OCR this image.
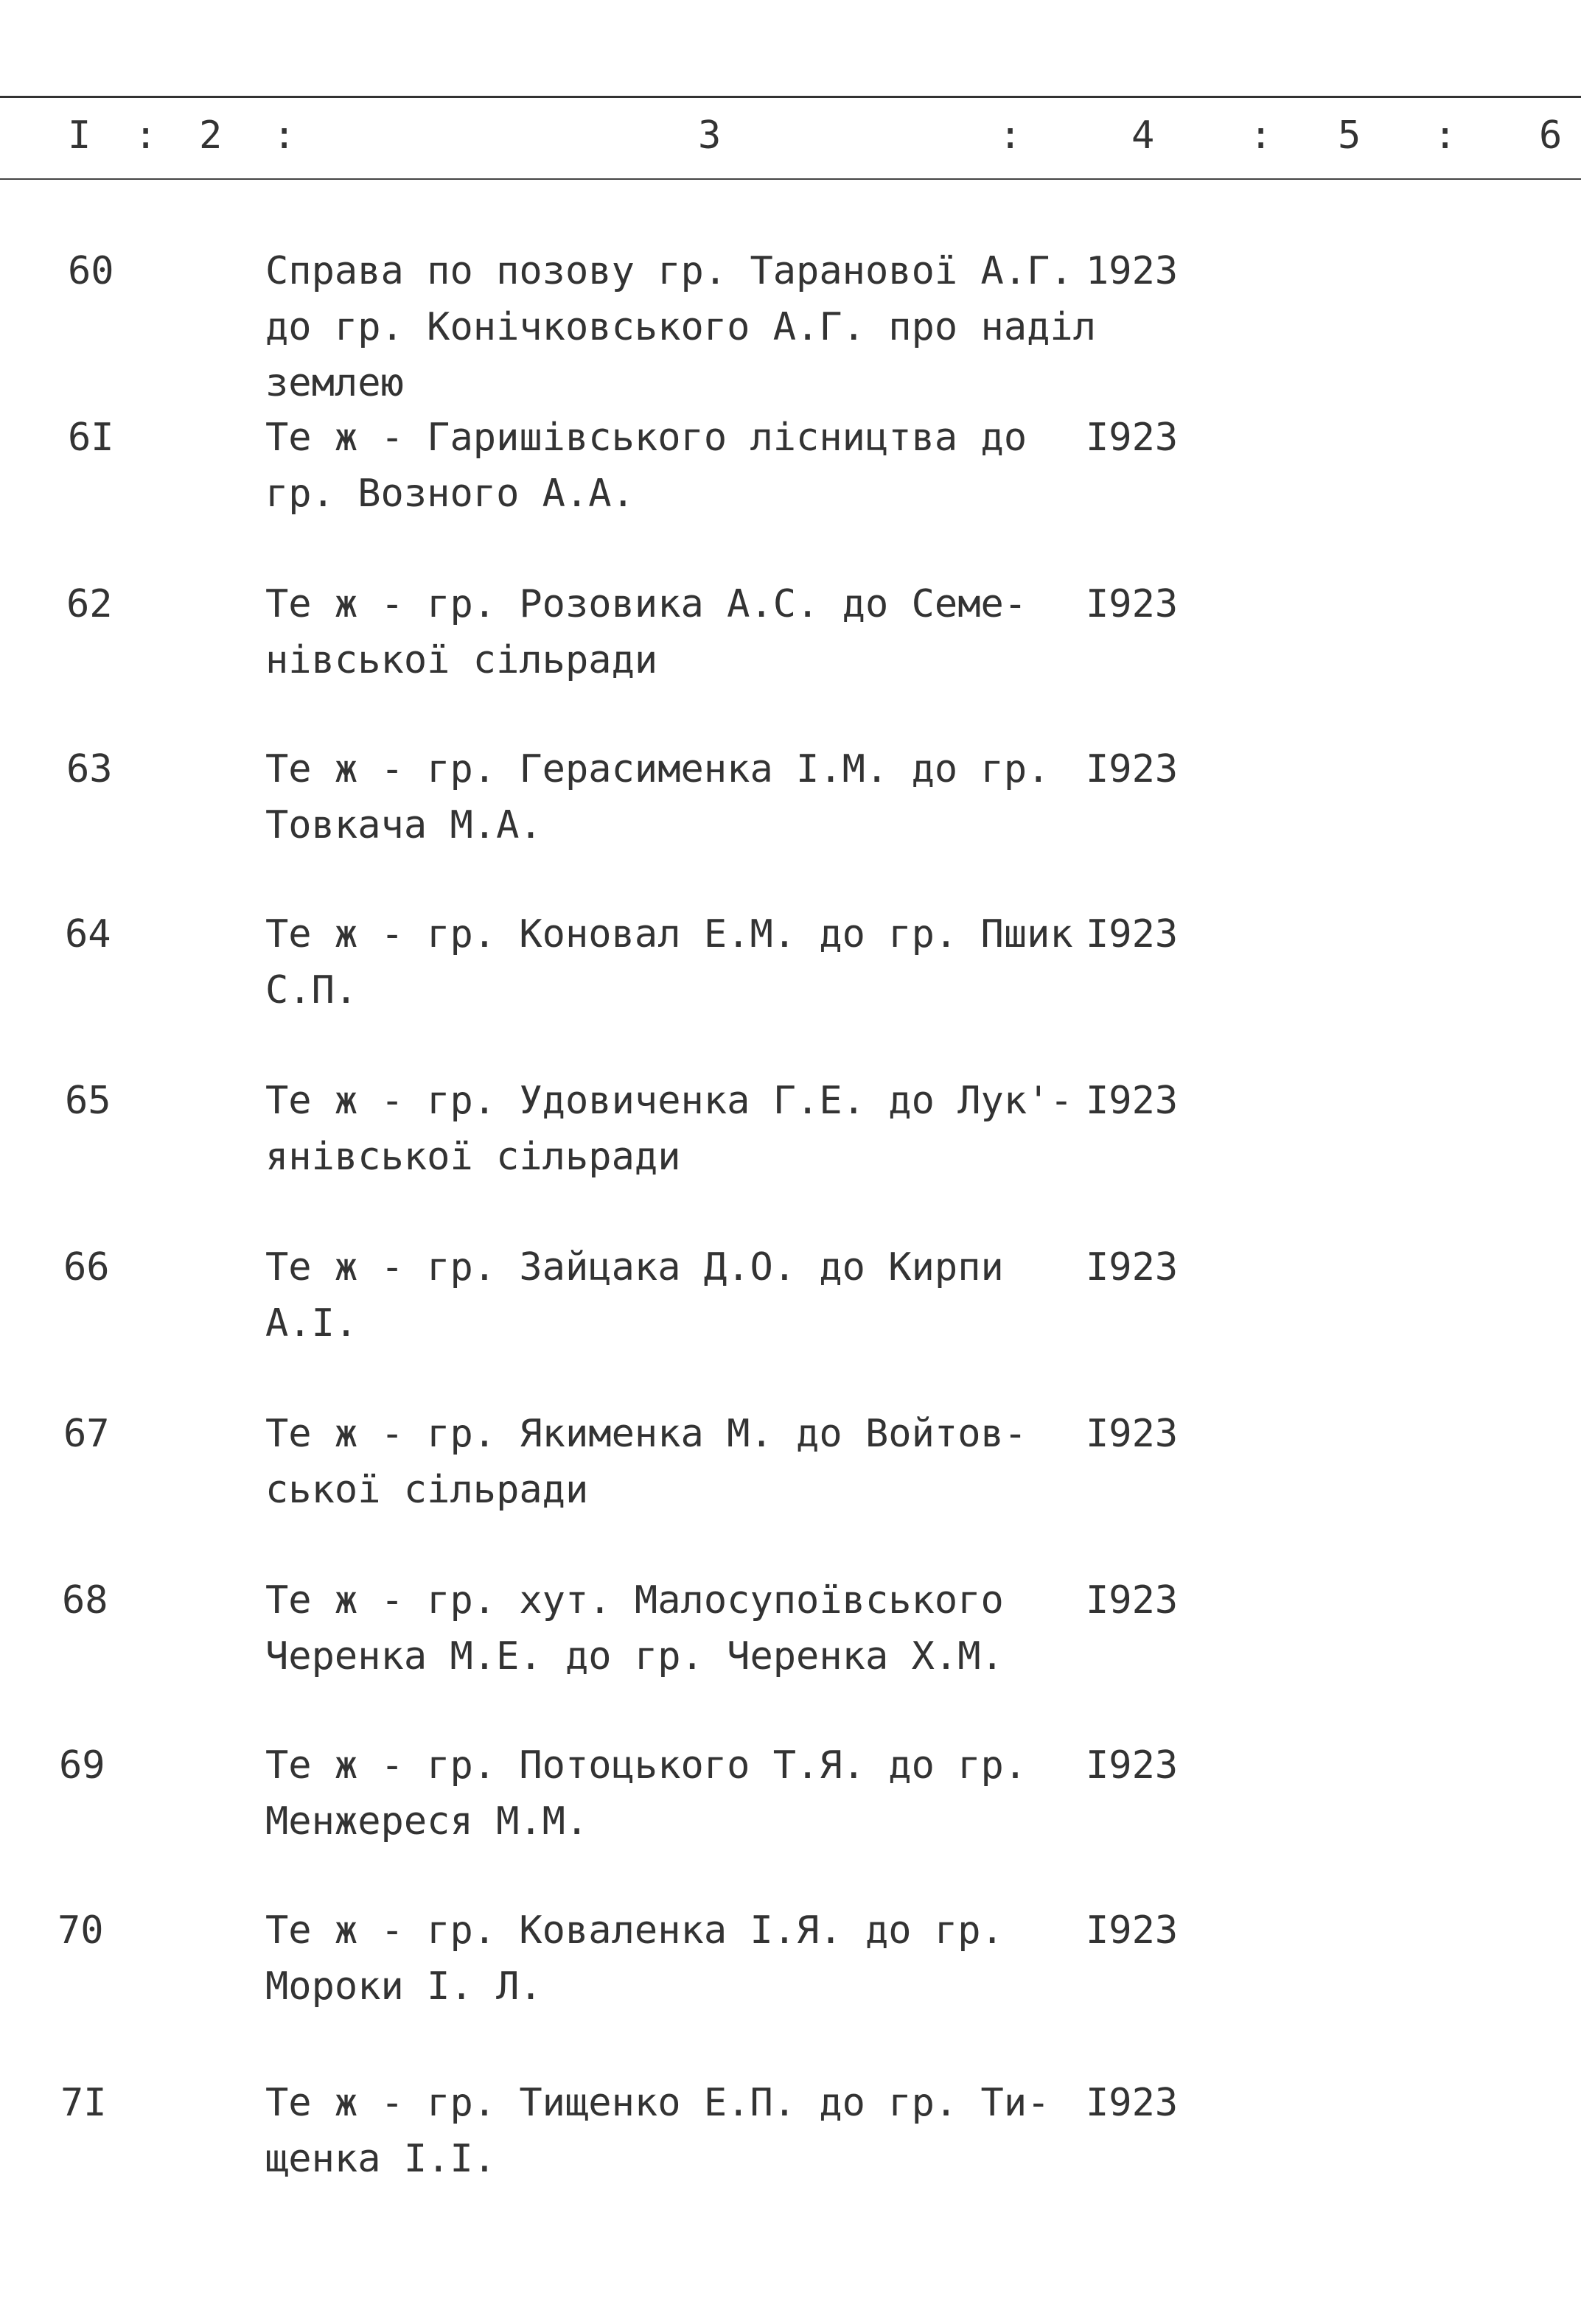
I : 2 :	3	:	4 : 5 : 6
60	Справа по позову гр. Таранової А.Г.
до гр. Конічковського А.Г. про наділ
землею
1923
6I	Те ж - Гаришівського лісництва до
гр. Возного А.А.
I923
62	Те ж - гр. Розовика А.С. до Семе-
нівської сільради
I923
63	Те ж - гр. Герасименка І.М. до гр.
Товкача М.А.
I923
64	Те ж - гр. Коновал Е.М. до гр. Пшик
С.П.
I923
65	Те ж - гр. Удовиченка Г.Е. до Лук'-
янівської сільради
I923
66	Те ж - гр. Зайцака Д.О. до Кирпи
А.І.
I923
67	Те ж - гр. Якименка М. до Войтов-
ської сільради
I923
68	Те ж - гр. хут. Малосупоївського
Черенка М.Е. до гр. Черенка Х.М.
I923
69	Те ж - гр. Потоцького Т.Я. до гр.
Менжереся М.М.
I923
70	Те ж - гр. Коваленка І.Я. до гр.
Мороки І. Л.
I923
7I	Те ж - гр. Тищенко Е.П. до гр. Ти-
щенка І.І.
I923
